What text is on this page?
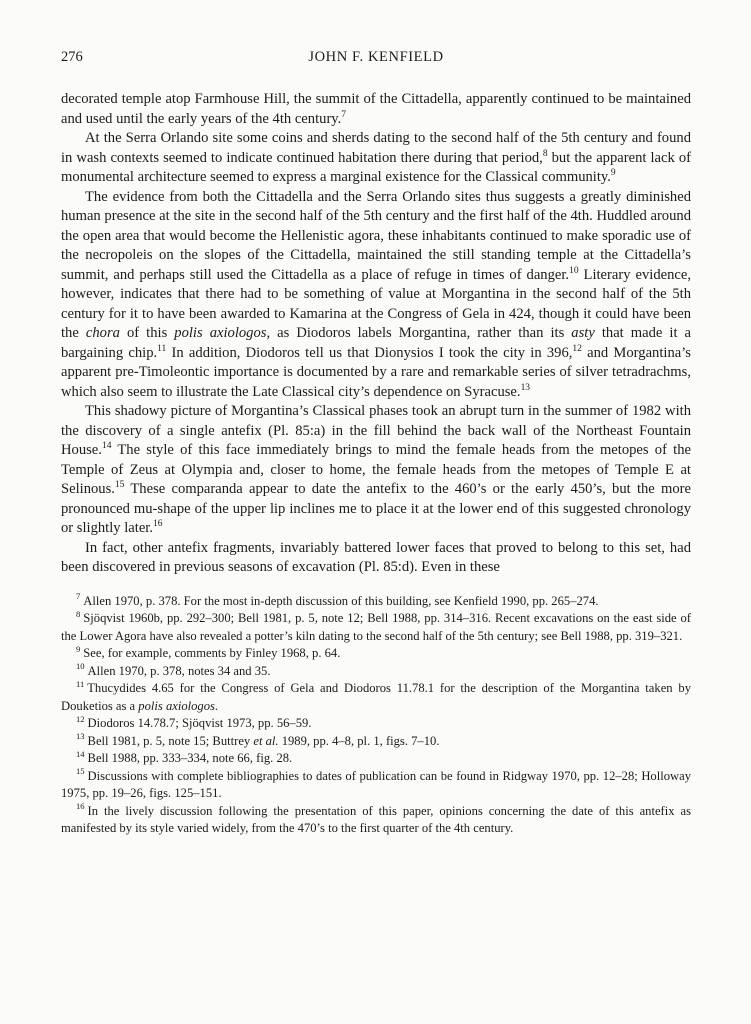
276	JOHN F. KENFIELD

decorated temple atop Farmhouse Hill, the summit of the Cittadella, apparently continued to be maintained and used until the early years of the 4th century.$^7$

At the Serra Orlando site some coins and sherds dating to the second half of the 5th century and found in wash contexts seemed to indicate continued habitation there during that period,$^8$ but the apparent lack of monumental architecture seemed to express a marginal existence for the Classical community.$^9$

The evidence from both the Cittadella and the Serra Orlando sites thus suggests a greatly diminished human presence at the site in the second half of the 5th century and the first half of the 4th. Huddled around the open area that would become the Hellenistic agora, these inhabitants continued to make sporadic use of the necropoleis on the slopes of the Cittadella, maintained the still standing temple at the Cittadella’s summit, and perhaps still used the Cittadella as a place of refuge in times of danger.$^{10}$ Literary evidence, however, indicates that there had to be something of value at Morgantina in the second half of the 5th century for it to have been awarded to Kamarina at the Congress of Gela in 424, though it could have been the chora of this polis axiologos, as Diodoros labels Morgantina, rather than its asty that made it a bargaining chip.$^{11}$ In addition, Diodoros tell us that Dionysios I took the city in 396,12 and Morgantina’s apparent pre-Timoleontic importance is documented by a rare and remarkable series of silver tetradrachms, which also seem to illustrate the Late Classical city’s dependence on Syracuse.$^{13}$

This shadowy picture of Morgantina’s Classical phases took an abrupt turn in the summer of 1982 with the discovery of a single antefix (Pl. 85:a) in the fill behind the back wall of the Northeast Fountain House.$^{14}$ The style of this face immediately brings to mind the female heads from the metopes of the Temple of Zeus at Olympia and, closer to home, the female heads from the metopes of Temple E at Selinous.$^{15}$ These comparanda appear to date the antefix to the 460’s or the early 450’s, but the more pronounced mu-shape of the upper lip inclines me to place it at the lower end of this suggested chronology or slightly later.$^{16}$

In fact, other antefix fragments, invariably battered lower faces that proved to belong to this set, had been discovered in previous seasons of excavation (Pl. 85:d). Even in these

$^7$ Allen 1970, p. 378. For the most in-depth discussion of this building, see Kenfield 1990, pp. 265–274.

$^8$ Sjöqvist 1960b, pp. 292–300; Bell 1981, p. 5, note 12; Bell 1988, pp. 314–316. Recent excavations on the east side of the Lower Agora have also revealed a potter’s kiln dating to the second half of the 5th century; see Bell 1988, pp. 319–321.

$^9$ See, for example, comments by Finley 1968, p. 64.

$^{10}$ Allen 1970, p. 378, notes 34 and 35.

$^{11}$ Thucydides 4.65 for the Congress of Gela and Diodoros 11.78.1 for the description of the Morgantina taken by Douketios as a polis axiologos.

$^{12}$ Diodoros 14.78.7; Sjöqvist 1973, pp. 56–59.

$^{13}$ Bell 1981, p. 5, note 15; Buttrey et al. 1989, pp. 4–8, pl. 1, figs. 7–10.

$^{14}$ Bell 1988, pp. 333–334, note 66, fig. 28.

$^{15}$ Discussions with complete bibliographies to dates of publication can be found in Ridgway 1970, pp. 12–28; Holloway 1975, pp. 19–26, figs. 125–151.

$^{16}$ In the lively discussion following the presentation of this paper, opinions concerning the date of this antefix as manifested by its style varied widely, from the 470’s to the first quarter of the 4th century.
